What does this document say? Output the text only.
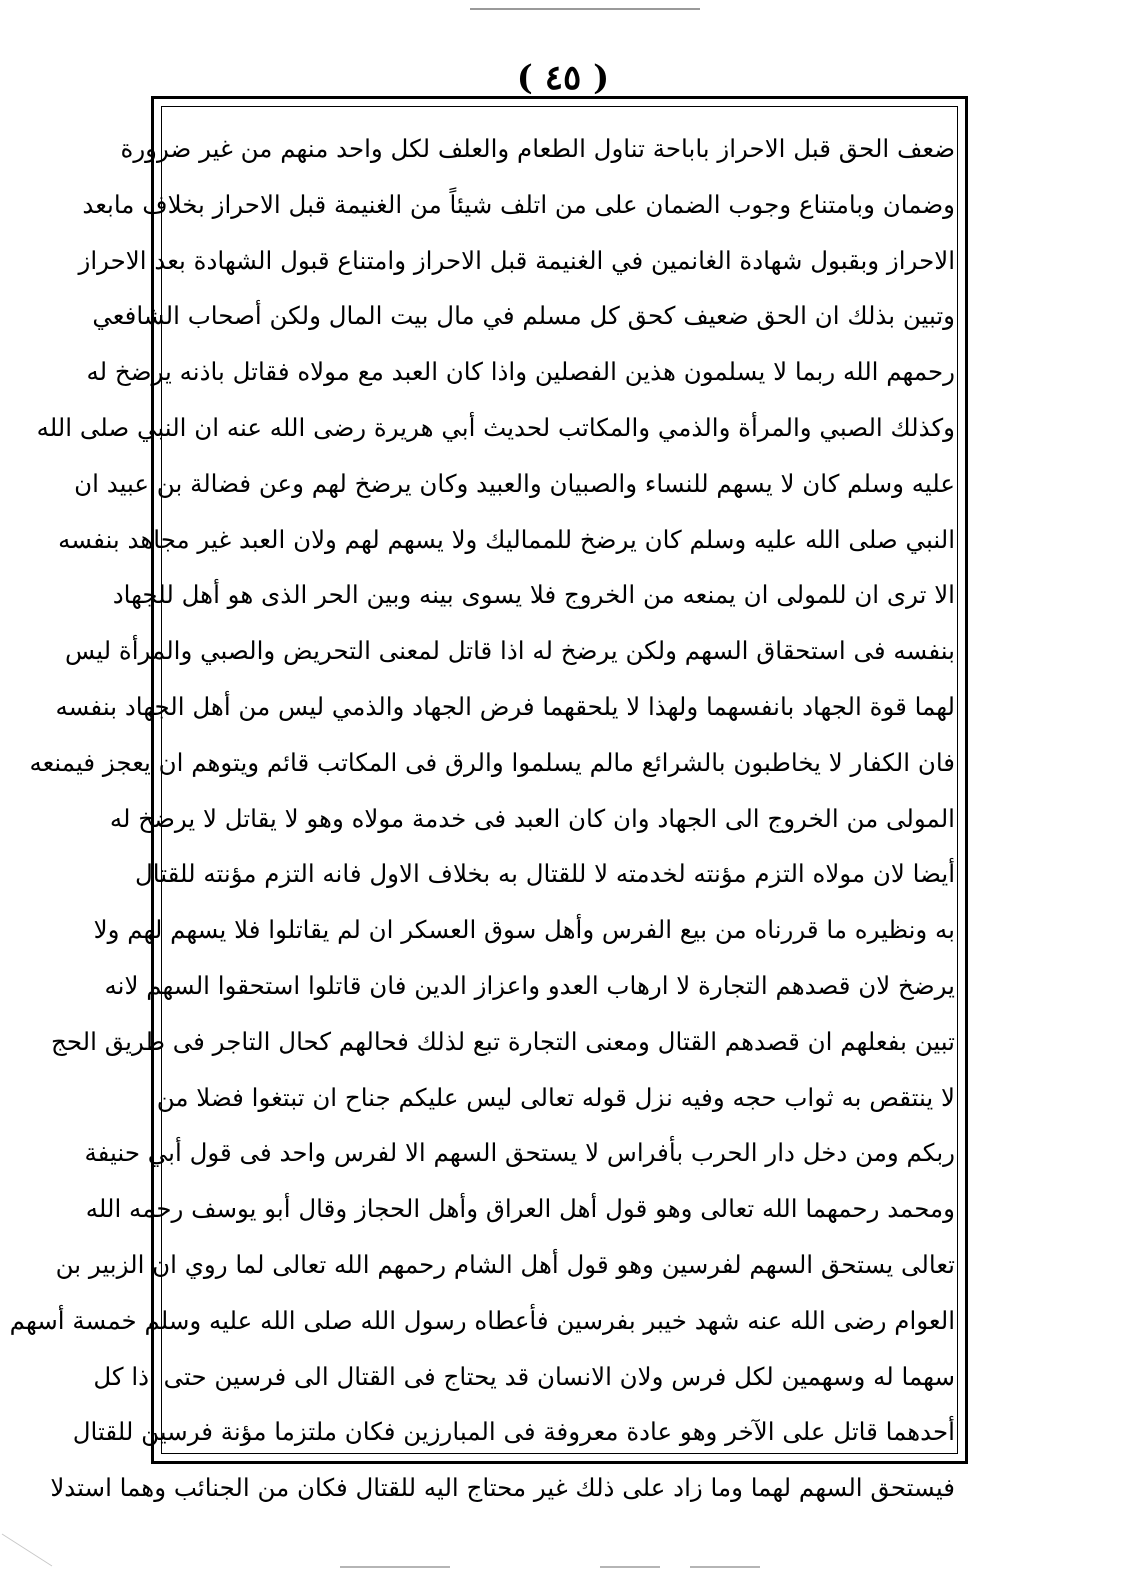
( ٤٥ )
ضعف الحق قبل الاحراز باباحة تناول الطعام والعلف لكل واحد منهم من غير ضرورة
وضمان وبامتناع وجوب الضمان على من اتلف شيئاً من الغنيمة قبل الاحراز بخلاف مابعد
الاحراز وبقبول شهادة الغانمين في الغنيمة قبل الاحراز وامتناع قبول الشهادة بعد الاحراز
وتبين بذلك ان الحق ضعيف كحق كل مسلم في مال بيت المال ولكن أصحاب الشافعي
رحمهم الله ربما لا يسلمون هذين الفصلين واذا كان العبد مع مولاه فقاتل باذنه يرضخ له
وكذلك الصبي والمرأة والذمي والمكاتب لحديث أبي هريرة رضى الله عنه ان النبي صلى الله
عليه وسلم كان لا يسهم للنساء والصبيان والعبيد وكان يرضخ لهم وعن فضالة بن عبيد ان
النبي صلى الله عليه وسلم كان يرضخ للمماليك ولا يسهم لهم ولان العبد غير مجاهد بنفسه
الا ترى ان للمولى ان يمنعه من الخروج فلا يسوى بينه وبين الحر الذى هو أهل للجهاد
بنفسه فى استحقاق السهم ولكن يرضخ له اذا قاتل لمعنى التحريض والصبي والمرأة ليس
لهما قوة الجهاد بانفسهما ولهذا لا يلحقهما فرض الجهاد والذمي ليس من أهل الجهاد بنفسه
فان الكفار لا يخاطبون بالشرائع مالم يسلموا والرق فى المكاتب قائم ويتوهم ان يعجز فيمنعه
المولى من الخروج الى الجهاد وان كان العبد فى خدمة مولاه وهو لا يقاتل لا يرضخ له
أيضا لان مولاه التزم مؤنته لخدمته لا للقتال به بخلاف الاول فانه التزم مؤنته للقتال
به ونظيره ما قررناه من بيع الفرس وأهل سوق العسكر ان لم يقاتلوا فلا يسهم لهم ولا
يرضخ لان قصدهم التجارة لا ارهاب العدو واعزاز الدين فان قاتلوا استحقوا السهم لانه
تبين بفعلهم ان قصدهم القتال ومعنى التجارة تبع لذلك فحالهم كحال التاجر فى طريق الحج
لا ينتقص به ثواب حجه وفيه نزل قوله تعالى ليس عليكم جناح ان تبتغوا فضلا من
ربكم ومن دخل دار الحرب بأفراس لا يستحق السهم الا لفرس واحد فى قول أبي حنيفة
ومحمد رحمهما الله تعالى وهو قول أهل العراق وأهل الحجاز وقال أبو يوسف رحمه الله
تعالى يستحق السهم لفرسين وهو قول أهل الشام رحمهم الله تعالى لما روي ان الزبير بن
العوام رضى الله عنه شهد خيبر بفرسين فأعطاه رسول الله صلى الله عليه وسلم خمسة أسهم
سهما له وسهمين لكل فرس ولان الانسان قد يحتاج فى القتال الى فرسين حتى اذا كل
أحدهما قاتل على الآخر وهو عادة معروفة فى المبارزين فكان ملتزما مؤنة فرسين للقتال
فيستحق السهم لهما وما زاد على ذلك غير محتاج اليه للقتال فكان من الجنائب وهما استدلا
